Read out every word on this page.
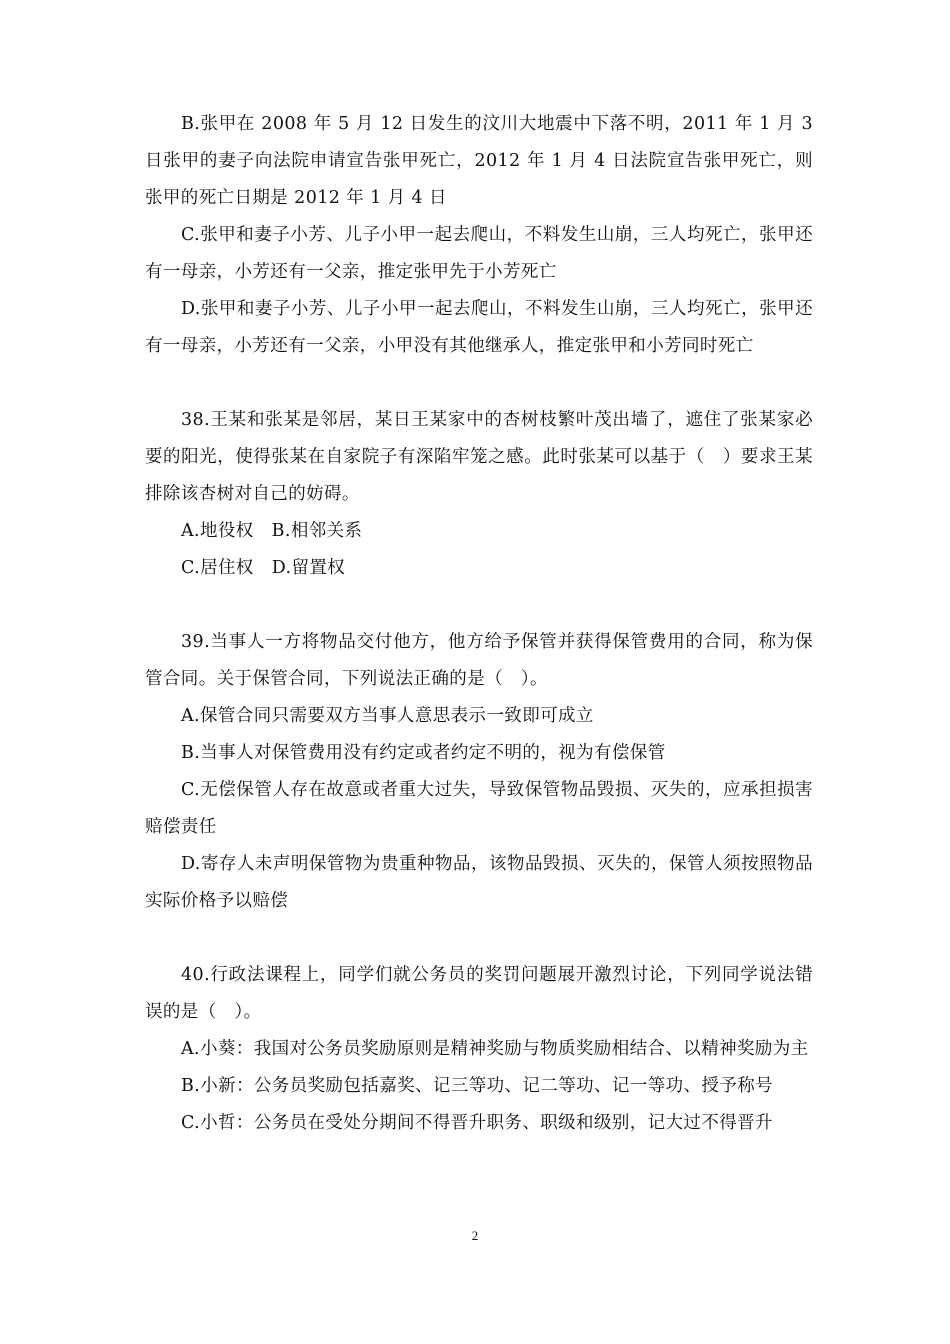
B.张甲在 2008 年 5 月 12 日发生的汶川大地震中下落不明，2011 年 1 月 3 日张甲的妻子向法院申请宣告张甲死亡，2012 年 1 月 4 日法院宣告张甲死亡，则张甲的死亡日期是 2012 年 1 月 4 日

C.张甲和妻子小芳、儿子小甲一起去爬山，不料发生山崩，三人均死亡，张甲还有一母亲，小芳还有一父亲，推定张甲先于小芳死亡

D.张甲和妻子小芳、儿子小甲一起去爬山，不料发生山崩，三人均死亡，张甲还有一母亲，小芳还有一父亲，小甲没有其他继承人，推定张甲和小芳同时死亡

38.王某和张某是邻居，某日王某家中的杏树枝繁叶茂出墙了，遮住了张某家必要的阳光，使得张某在自家院子有深陷牢笼之感。此时张某可以基于（　）要求王某排除该杏树对自己的妨碍。

A.地役权　B.相邻关系

C.居住权　D.留置权

39.当事人一方将物品交付他方，他方给予保管并获得保管费用的合同，称为保管合同。关于保管合同，下列说法正确的是（　）。

A.保管合同只需要双方当事人意思表示一致即可成立

B.当事人对保管费用没有约定或者约定不明的，视为有偿保管

C.无偿保管人存在故意或者重大过失，导致保管物品毁损、灭失的，应承担损害赔偿责任

D.寄存人未声明保管物为贵重种物品，该物品毁损、灭失的，保管人须按照物品实际价格予以赔偿

40.行政法课程上，同学们就公务员的奖罚问题展开激烈讨论，下列同学说法错误的是（　）。

A.小葵：我国对公务员奖励原则是精神奖励与物质奖励相结合、以精神奖励为主

B.小新：公务员奖励包括嘉奖、记三等功、记二等功、记一等功、授予称号

C.小哲：公务员在受处分期间不得晋升职务、职级和级别，记大过不得晋升

2
